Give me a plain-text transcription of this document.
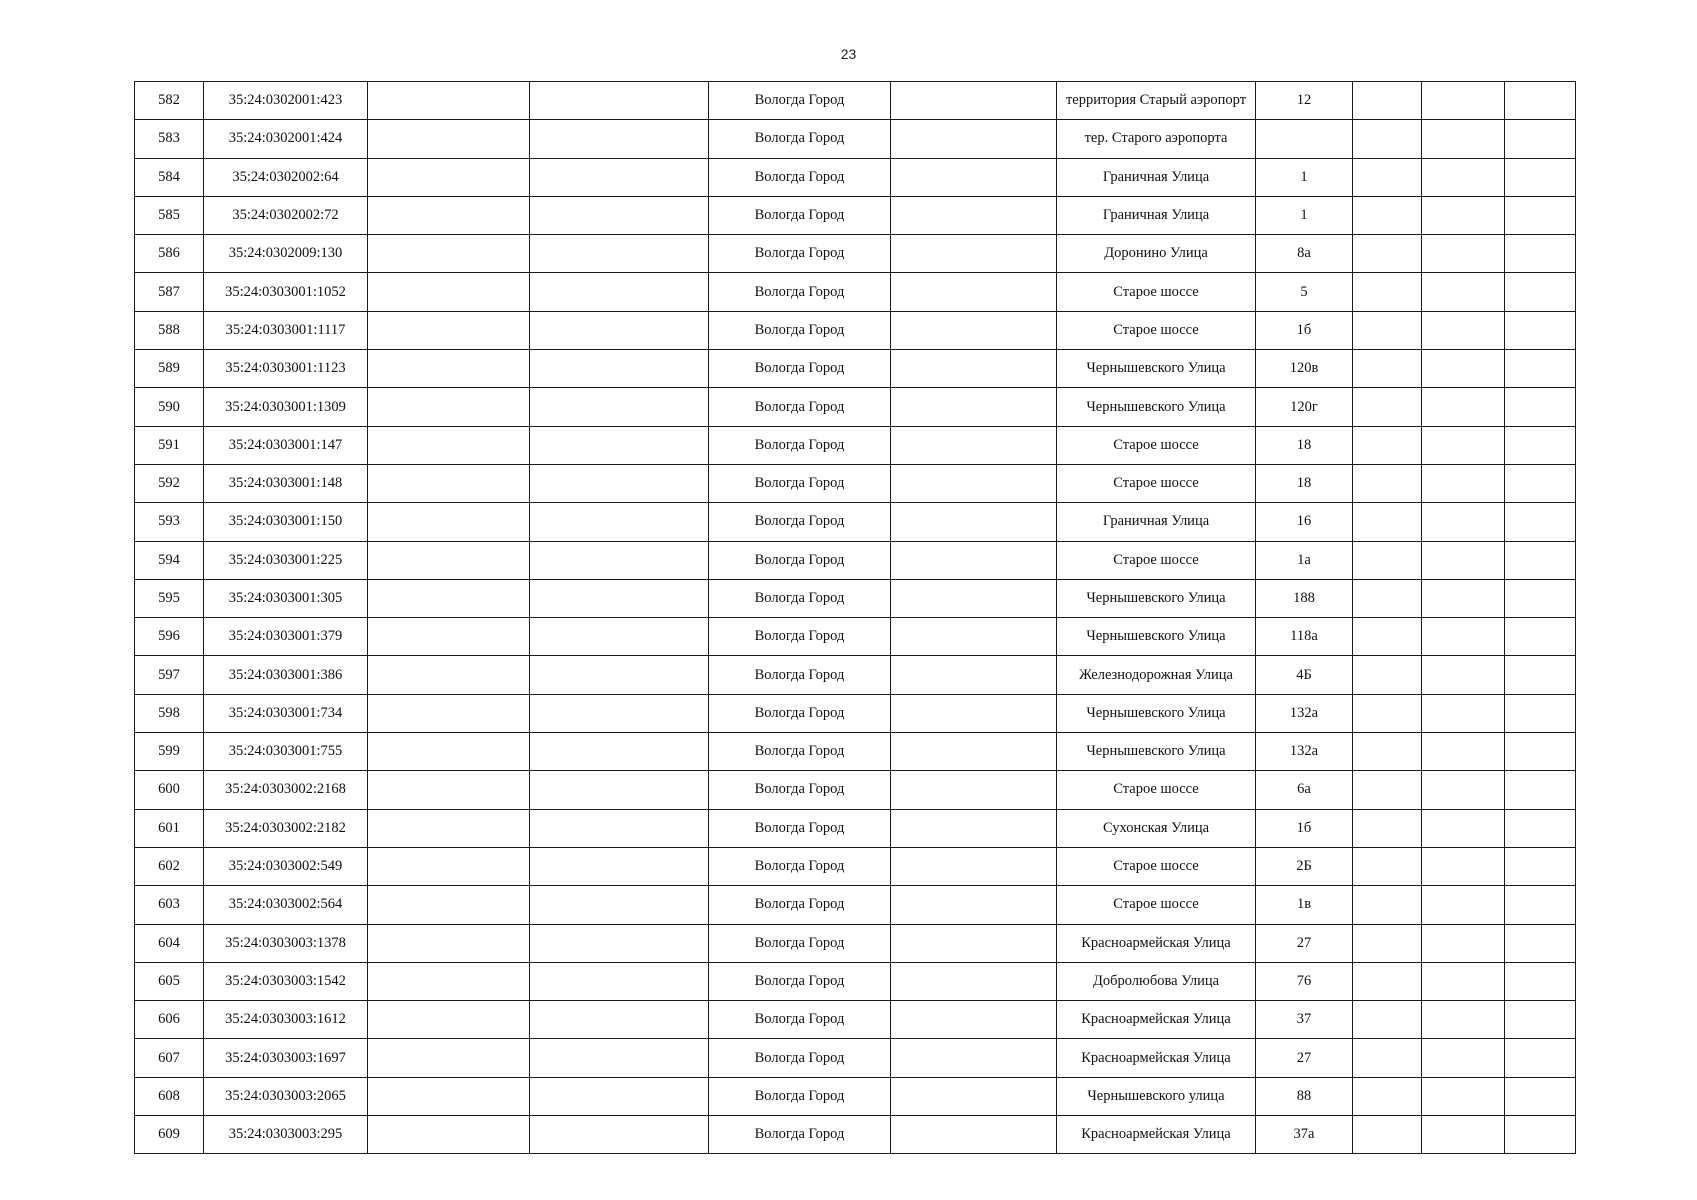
23
582	35:24:0302001:423			Вологда Город		территория Старый аэропорт	12			
583	35:24:0302001:424			Вологда Город		тер. Старого аэропорта				
584	35:24:0302002:64			Вологда Город		Граничная Улица	1			
585	35:24:0302002:72			Вологда Город		Граничная Улица	1			
586	35:24:0302009:130			Вологда Город		Доронино Улица	8а			
587	35:24:0303001:1052			Вологда Город		Старое шоссе	5			
588	35:24:0303001:1117			Вологда Город		Старое шоссе	1б			
589	35:24:0303001:1123			Вологда Город		Чернышевского Улица	120в			
590	35:24:0303001:1309			Вологда Город		Чернышевского Улица	120г			
591	35:24:0303001:147			Вологда Город		Старое шоссе	18			
592	35:24:0303001:148			Вологда Город		Старое шоссе	18			
593	35:24:0303001:150			Вологда Город		Граничная Улица	16			
594	35:24:0303001:225			Вологда Город		Старое шоссе	1а			
595	35:24:0303001:305			Вологда Город		Чернышевского Улица	188			
596	35:24:0303001:379			Вологда Город		Чернышевского Улица	118а			
597	35:24:0303001:386			Вологда Город		Железнодорожная Улица	4Б			
598	35:24:0303001:734			Вологда Город		Чернышевского Улица	132а			
599	35:24:0303001:755			Вологда Город		Чернышевского Улица	132а			
600	35:24:0303002:2168			Вологда Город		Старое шоссе	6а			
601	35:24:0303002:2182			Вологда Город		Сухонская Улица	1б			
602	35:24:0303002:549			Вологда Город		Старое шоссе	2Б			
603	35:24:0303002:564			Вологда Город		Старое шоссе	1в			
604	35:24:0303003:1378			Вологда Город		Красноармейская Улица	27			
605	35:24:0303003:1542			Вологда Город		Добролюбова Улица	76			
606	35:24:0303003:1612			Вологда Город		Красноармейская Улица	37			
607	35:24:0303003:1697			Вологда Город		Красноармейская Улица	27			
608	35:24:0303003:2065			Вологда Город		Чернышевского улица	88			
609	35:24:0303003:295			Вологда Город		Красноармейская Улица	37а			
